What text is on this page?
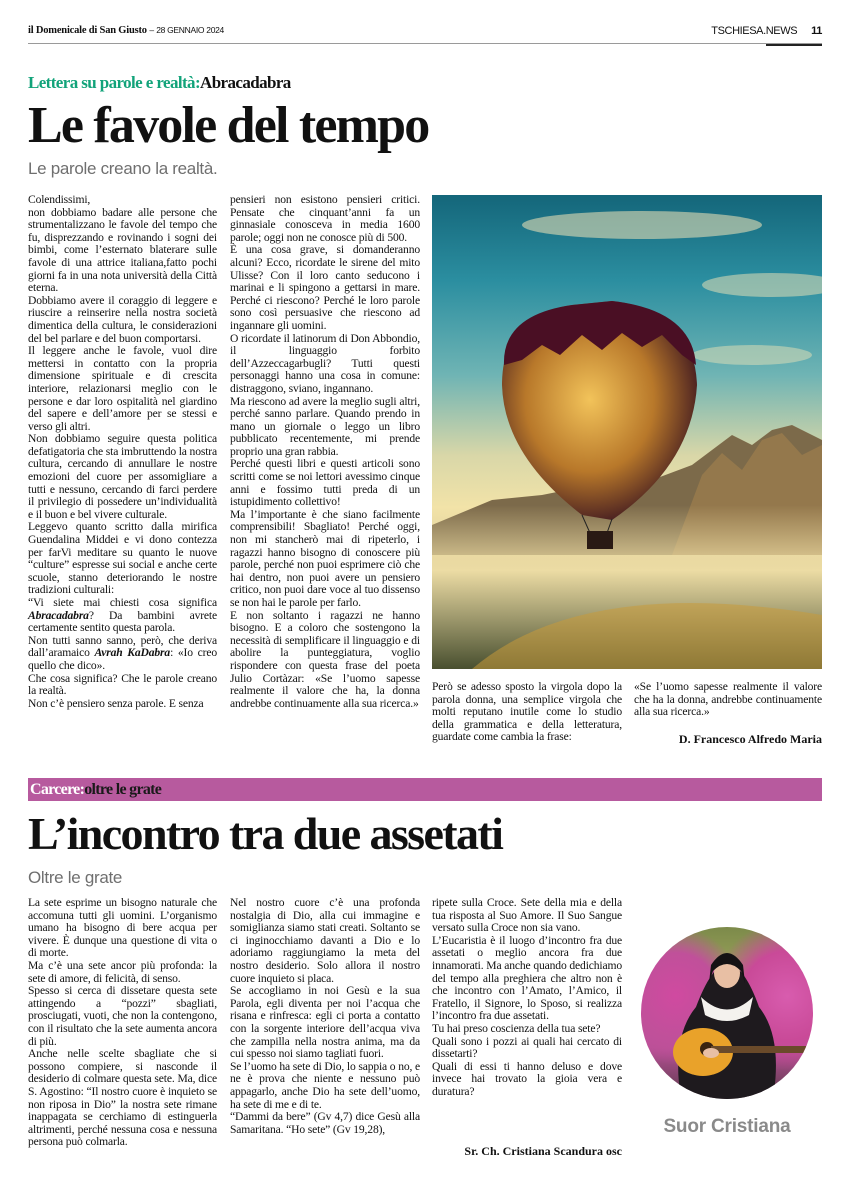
il Domenicale di San Giusto – 28 GENNAIO 2024	TSCHIESA.NEWS 11
Lettera su parole e realtà:Abracadabra
Le favole del tempo
Le parole creano la realtà.

Colendissimi,

non dobbiamo badare alle persone che strumentalizzano le favole del tempo che fu, disprezzando e rovinando i sogni dei bimbi, come l’esternato blaterare sulle favole di una attrice italiana,fatto pochi giorni fa in una nota università della Città eterna.

Dobbiamo avere il coraggio di leggere e riuscire a reinserire nella nostra società dimentica della cultura, le considerazioni del bel parlare e del buon comportarsi.

Il leggere anche le favole, vuol dire mettersi in contatto con la propria dimensione spirituale e di crescita interiore, relazionarsi meglio con le persone e dar loro ospitalità nel giardino del sapere e dell’amore per se stessi e verso gli altri.

Non dobbiamo seguire questa politica defatigatoria che sta imbruttendo la nostra cultura, cercando di annullare le nostre emozioni del cuore per assomigliare a tutti e nessuno, cercando di farci perdere il privilegio di possedere un’individualità e il buon e bel vivere culturale.

Leggevo quanto scritto dalla mirifica Guendalina Middei e vi dono contezza per farVi meditare su quanto le nuove “culture” espresse sui social e anche certe scuole, stanno deteriorando le nostre tradizioni culturali:

“Vi siete mai chiesti cosa significa Abracadabra? Da bambini avrete certamente sentito questa parola.

Non tutti sanno sanno, però, che deriva dall’aramaico Avrah KaDabra: «Io creo quello che dico».

Che cosa significa? Che le parole creano la realtà.

Non c’è pensiero senza parole. E senza

pensieri non esistono pensieri critici. Pensate che cinquant’anni fa un ginnasiale conosceva in media 1600 parole; oggi non ne conosce più di 500.

È una cosa grave, si domanderanno alcuni? Ecco, ricordate le sirene del mito Ulisse? Con il loro canto seducono i marinai e li spingono a gettarsi in mare. Perché ci riescono? Perché le loro parole sono così persuasive che riescono ad ingannare gli uomini.

O ricordate il latinorum di Don Abbondio, il linguaggio forbito dell’Azzeccagarbugli? Tutti questi personaggi hanno una cosa in comune: distraggono, sviano, ingannano.

Ma riescono ad avere la meglio sugli altri, perché sanno parlare. Quando prendo in mano un giornale o leggo un libro pubblicato recentemente, mi prende proprio una gran rabbia.

Perché questi libri e questi articoli sono scritti come se noi lettori avessimo cinque anni e fossimo tutti preda di un istupidimento collettivo!

Ma l’importante è che siano facilmente comprensibili! Sbagliato! Perché oggi, non mi stancherò mai di ripeterlo, i ragazzi hanno bisogno di conoscere più parole, perché non puoi esprimere ciò che hai dentro, non puoi avere un pensiero critico, non puoi dare voce al tuo dissenso se non hai le parole per farlo.

E non soltanto i ragazzi ne hanno bisogno. E a coloro che sostengono la necessità di semplificare il linguaggio e di abolire la punteggiatura, voglio rispondere con questa frase del poeta Julio Cortàzar: «Se l’uomo sapesse realmente il valore che ha, la donna andrebbe continuamente alla sua ricerca.»

Però se adesso sposto la virgola dopo la parola donna, una semplice virgola che molti reputano inutile come lo studio della grammatica e della letteratura, guardate come cambia la frase:

«Se l’uomo sapesse realmente il valore che ha la donna, andrebbe continuamente alla sua ricerca.»

D. Francesco Alfredo Maria
Carcere:oltre le grate
L’incontro tra due assetati
Oltre le grate

La sete esprime un bisogno naturale che accomuna tutti gli uomini. L’organismo umano ha bisogno di bere acqua per vivere. È dunque una questione di vita o di morte.

Ma c’è una sete ancor più profonda: la sete di amore, di felicità, di senso.

Spesso si cerca di dissetare questa sete attingendo a “pozzi” sbagliati, prosciugati, vuoti, che non la contengono, con il risultato che la sete aumenta ancora di più.

Anche nelle scelte sbagliate che si possono compiere, si nasconde il desiderio di colmare questa sete. Ma, dice S. Agostino: “Il nostro cuore è inquieto se non riposa in Dio” la nostra sete rimane inappagata se cerchiamo di estinguerla altrimenti, perché nessuna cosa e nessuna persona può colmarla.

Nel nostro cuore c’è una profonda nostalgia di Dio, alla cui immagine e somiglianza siamo stati creati. Soltanto se ci inginocchiamo davanti a Dio e lo adoriamo raggiungiamo la meta del nostro desiderio. Solo allora il nostro cuore inquieto si placa.

Se accogliamo in noi Gesù e la sua Parola, egli diventa per noi l’acqua che risana e rinfresca: egli ci porta a contatto con la sorgente interiore dell’acqua viva che zampilla nella nostra anima, ma da cui spesso noi siamo tagliati fuori.

Se l’uomo ha sete di Dio, lo sappia o no, e ne è prova che niente e nessuno può appagarlo, anche Dio ha sete dell’uomo, ha sete di me e di te.

“Dammi da bere” (Gv 4,7) dice Gesù alla Samaritana. “Ho sete” (Gv 19,28),

ripete sulla Croce. Sete della mia e della tua risposta al Suo Amore. Il Suo Sangue versato sulla Croce non sia vano.

L’Eucaristia è il luogo d’incontro fra due assetati o meglio ancora fra due innamorati. Ma anche quando dedichiamo del tempo alla preghiera che altro non è che incontro con l’Amato, l’Amico, il Fratello, il Signore, lo Sposo, si realizza l’incontro fra due assetati.

Tu hai preso coscienza della tua sete?

Quali sono i pozzi ai quali hai cercato di dissetarti?

Quali di essi ti hanno deluso e dove invece hai trovato la gioia vera e duratura?

Sr. Ch. Cristiana Scandura osc
Suor Cristiana
